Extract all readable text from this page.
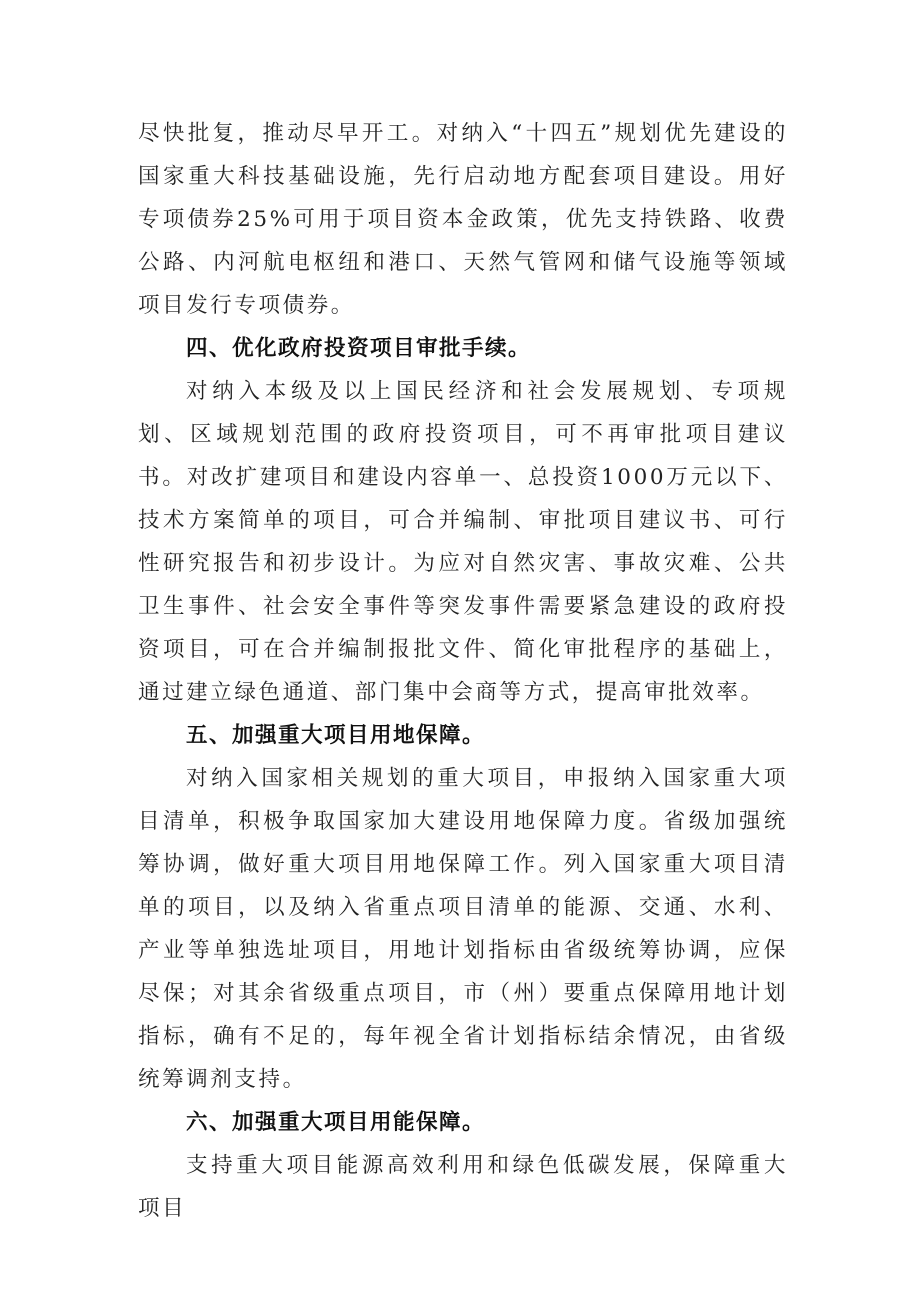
尽快批复，推动尽早开工。对纳入“十四五”规划优先建设的国家重大科技基础设施，先行启动地方配套项目建设。用好专项债券25%可用于项目资本金政策，优先支持铁路、收费公路、内河航电枢纽和港口、天然气管网和储气设施等领域项目发行专项债券。

四、优化政府投资项目审批手续。

对纳入本级及以上国民经济和社会发展规划、专项规划、区域规划范围的政府投资项目，可不再审批项目建议书。对改扩建项目和建设内容单一、总投资1000万元以下、技术方案简单的项目，可合并编制、审批项目建议书、可行性研究报告和初步设计。为应对自然灾害、事故灾难、公共卫生事件、社会安全事件等突发事件需要紧急建设的政府投资项目，可在合并编制报批文件、简化审批程序的基础上，通过建立绿色通道、部门集中会商等方式，提高审批效率。

五、加强重大项目用地保障。

对纳入国家相关规划的重大项目，申报纳入国家重大项目清单，积极争取国家加大建设用地保障力度。省级加强统筹协调，做好重大项目用地保障工作。列入国家重大项目清单的项目，以及纳入省重点项目清单的能源、交通、水利、产业等单独选址项目，用地计划指标由省级统筹协调，应保尽保；对其余省级重点项目，市（州）要重点保障用地计划指标，确有不足的，每年视全省计划指标结余情况，由省级统筹调剂支持。

六、加强重大项目用能保障。

支持重大项目能源高效利用和绿色低碳发展，保障重大项目
